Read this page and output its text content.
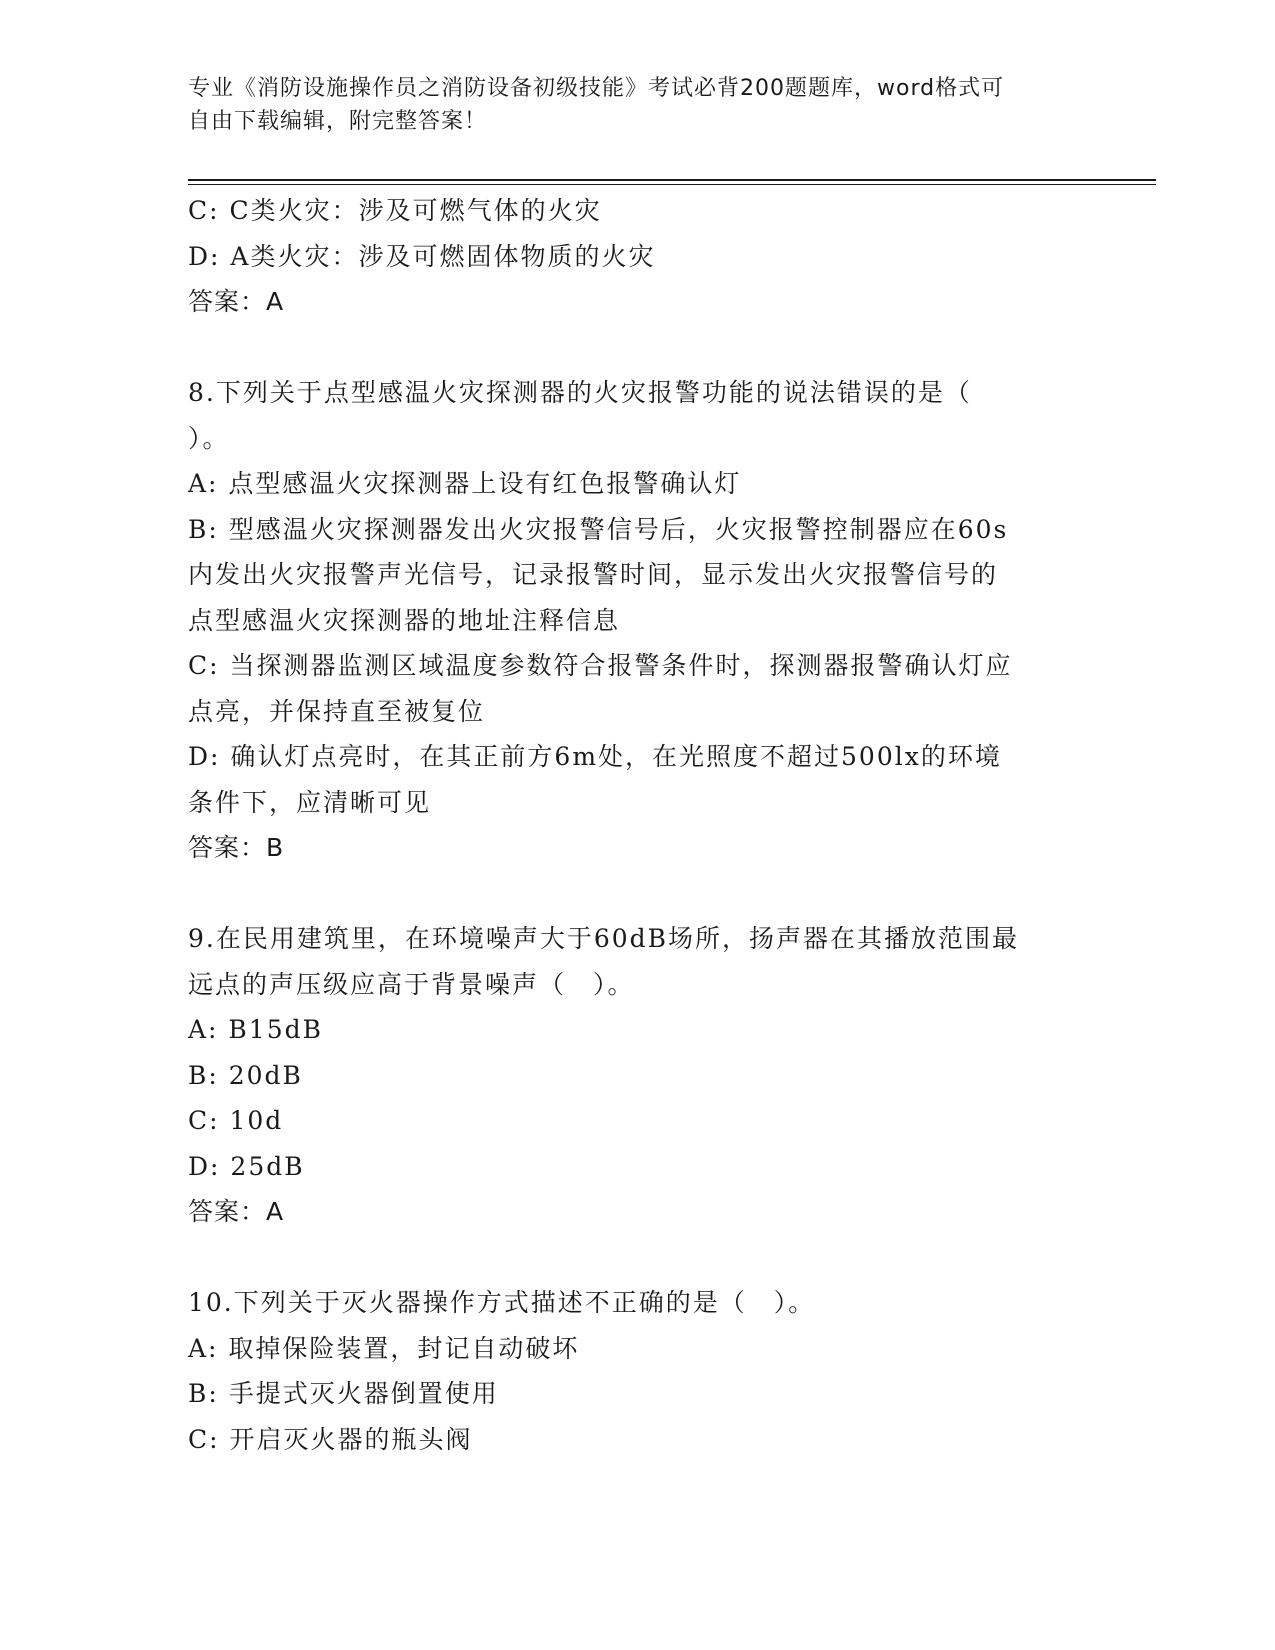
专业《消防设施操作员之消防设备初级技能》考试必背200题题库，word格式可
自由下载编辑，附完整答案！
C: C类火灾：涉及可燃气体的火灾
D: A类火灾：涉及可燃固体物质的火灾
答案：A
8.下列关于点型感温火灾探测器的火灾报警功能的说法错误的是（
）。
A: 点型感温火灾探测器上设有红色报警确认灯
B: 型感温火灾探测器发出火灾报警信号后，火灾报警控制器应在60s
内发出火灾报警声光信号，记录报警时间，显示发出火灾报警信号的
点型感温火灾探测器的地址注释信息
C: 当探测器监测区域温度参数符合报警条件时，探测器报警确认灯应
点亮，并保持直至被复位
D: 确认灯点亮时，在其正前方6m处，在光照度不超过500lx的环境
条件下，应清晰可见
答案：B
9.在民用建筑里，在环境噪声大于60dB场所，扬声器在其播放范围最
远点的声压级应高于背景噪声（　）。
A: B15dB
B: 20dB
C: 10d
D: 25dB
答案：A
10.下列关于灭火器操作方式描述不正确的是（　）。
A: 取掉保险装置，封记自动破坏
B: 手提式灭火器倒置使用
C: 开启灭火器的瓶头阀
